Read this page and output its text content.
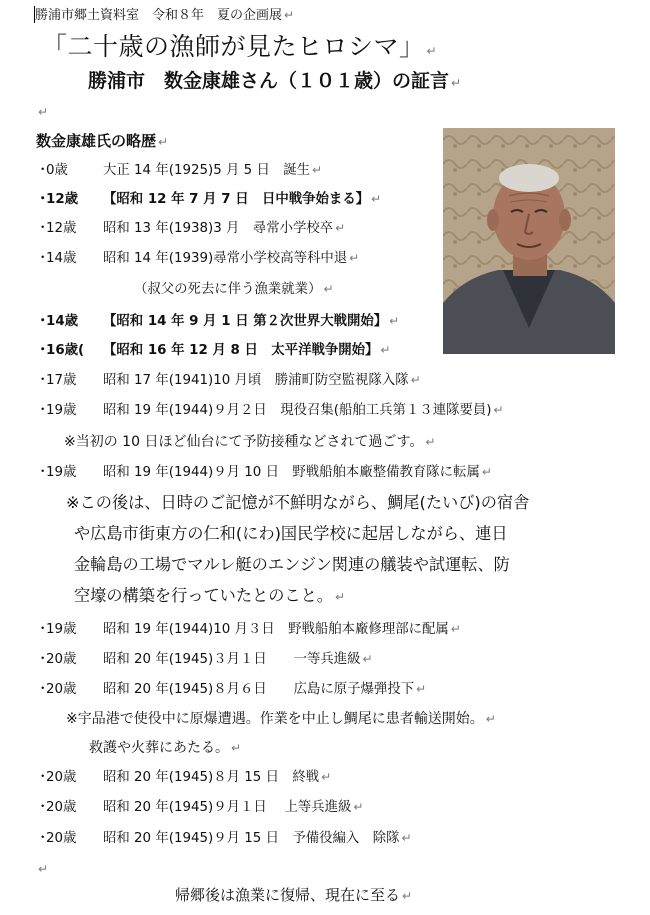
勝浦市郷土資料室　令和８年　夏の企画展 ↵
「二十歳の漁師が見たヒロシマ」 ↵
勝浦市　数金康雄さん（１０１歳）の証言 ↵
↵
数金康雄氏の略歴 ↵
・0歳	大正 14 年(1925)5 月 5 日　誕生 ↵
・12歳 【昭和 12 年 7 月 7 日　日中戦争始まる】 ↵
・12歳 昭和 13 年(1938)3 月　尋常小学校卒 ↵
・14歳 昭和 14 年(1939)尋常小学校高等科中退 ↵
（叔父の死去に伴う漁業就業） ↵
・14歳 【昭和 14 年 9 月 1 日 第２次世界大戦開始】 ↵
・16歳( 【昭和 16 年 12 月 8 日　太平洋戦争開始】 ↵
・17歳 昭和 17 年(1941)10 月頃　勝浦町防空監視隊入隊 ↵
・19歳 昭和 19 年(1944)９月２日　現役召集(船舶工兵第１３連隊要員) ↵
※当初の 10 日ほど仙台にて予防接種などされて過ごす。 ↵
・19歳 昭和 19 年(1944)９月 10 日　野戦船舶本廠整備教育隊に転属 ↵
※この後は、日時のご記憶が不鮮明ながら、鯛尾(たいび)の宿舎
や広島市街東方の仁和(にわ)国民学校に起居しながら、連日
金輪島の工場でマルレ艇のエンジン関連の艤装や試運転、防
空壕の構築を行っていたとのこと。 ↵
・19歳 昭和 19 年(1944)10 月３日　野戦船舶本廠修理部に配属 ↵
・20歳 昭和 20 年(1945)３月１日　　一等兵進級 ↵
・20歳 昭和 20 年(1945)８月６日　　広島に原子爆弾投下 ↵
※宇品港で使役中に原爆遭遇。作業を中止し鯛尾に患者輸送開始。 ↵
救護や火葬にあたる。 ↵
・20歳 昭和 20 年(1945)８月 15 日　終戦 ↵
・20歳 昭和 20 年(1945)９月１日　 上等兵進級 ↵
・20歳 昭和 20 年(1945)９月 15 日　予備役編入　除隊 ↵
↵
帰郷後は漁業に復帰、現在に至る ↵
